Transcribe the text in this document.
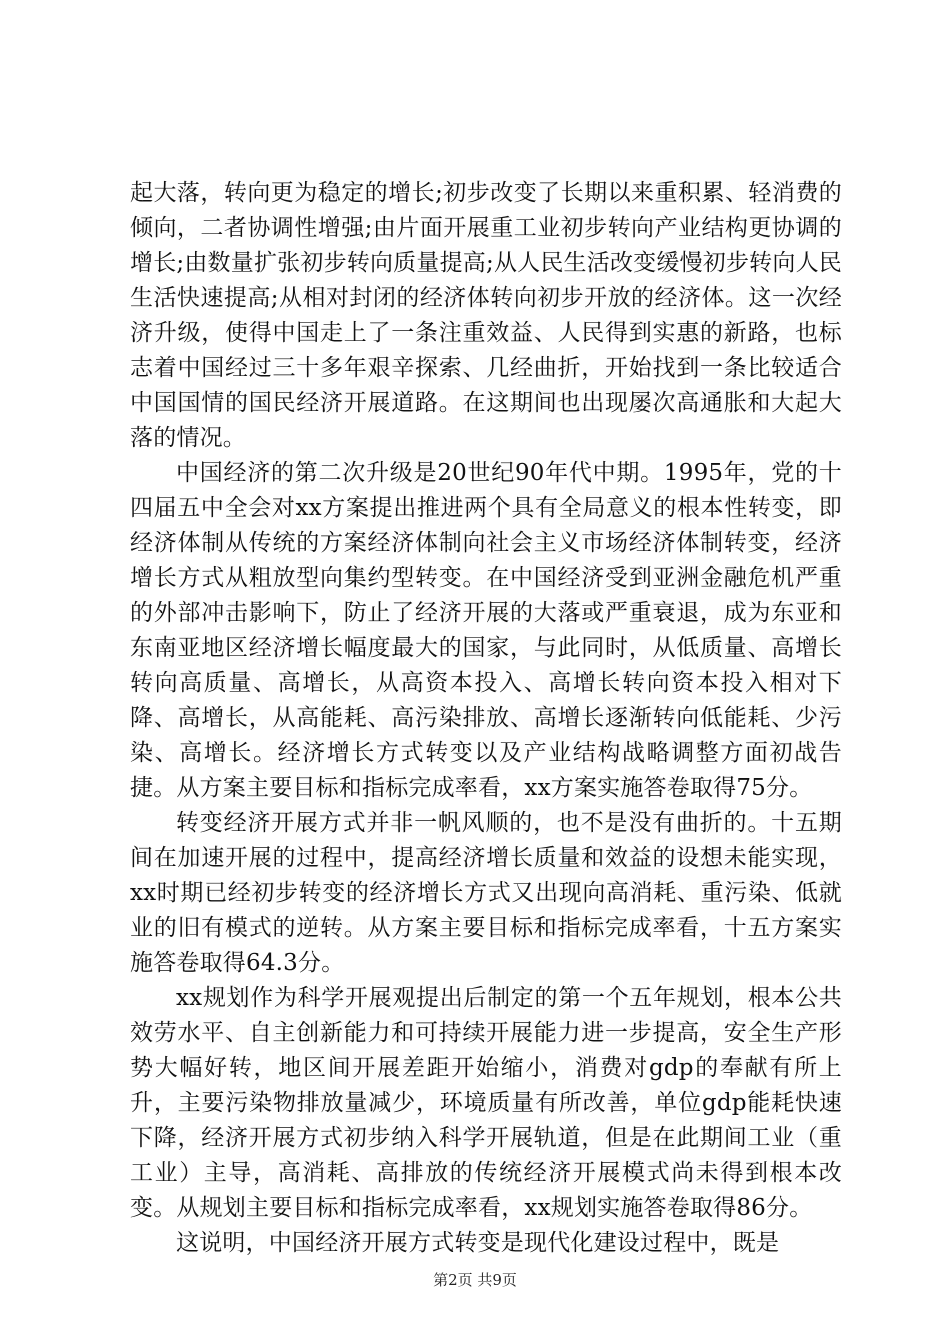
起大落，转向更为稳定的增长;初步改变了长期以来重积累、轻消费的倾向，二者协调性增强;由片面开展重工业初步转向产业结构更协调的增长;由数量扩张初步转向质量提高;从人民生活改变缓慢初步转向人民生活快速提高;从相对封闭的经济体转向初步开放的经济体。这一次经济升级，使得中国走上了一条注重效益、人民得到实惠的新路，也标志着中国经过三十多年艰辛探索、几经曲折，开始找到一条比较适合中国国情的国民经济开展道路。在这期间也出现屡次高通胀和大起大落的情况。

中国经济的第二次升级是20世纪90年代中期。1995年，党的十四届五中全会对xx方案提出推进两个具有全局意义的根本性转变，即经济体制从传统的方案经济体制向社会主义市场经济体制转变，经济增长方式从粗放型向集约型转变。在中国经济受到亚洲金融危机严重的外部冲击影响下，防止了经济开展的大落或严重衰退，成为东亚和东南亚地区经济增长幅度最大的国家，与此同时，从低质量、高增长转向高质量、高增长，从高资本投入、高增长转向资本投入相对下降、高增长，从高能耗、高污染排放、高增长逐渐转向低能耗、少污染、高增长。经济增长方式转变以及产业结构战略调整方面初战告捷。从方案主要目标和指标完成率看，xx方案实施答卷取得75分。

转变经济开展方式并非一帆风顺的，也不是没有曲折的。十五期间在加速开展的过程中，提高经济增长质量和效益的设想未能实现，xx时期已经初步转变的经济增长方式又出现向高消耗、重污染、低就业的旧有模式的逆转。从方案主要目标和指标完成率看，十五方案实施答卷取得64.3分。

xx规划作为科学开展观提出后制定的第一个五年规划，根本公共效劳水平、自主创新能力和可持续开展能力进一步提高，安全生产形势大幅好转，地区间开展差距开始缩小，消费对gdp的奉献有所上升，主要污染物排放量减少，环境质量有所改善，单位gdp能耗快速下降，经济开展方式初步纳入科学开展轨道，但是在此期间工业（重工业）主导，高消耗、高排放的传统经济开展模式尚未得到根本改变。从规划主要目标和指标完成率看，xx规划实施答卷取得86分。

这说明，中国经济开展方式转变是现代化建设过程中，既是

第2页 共9页
